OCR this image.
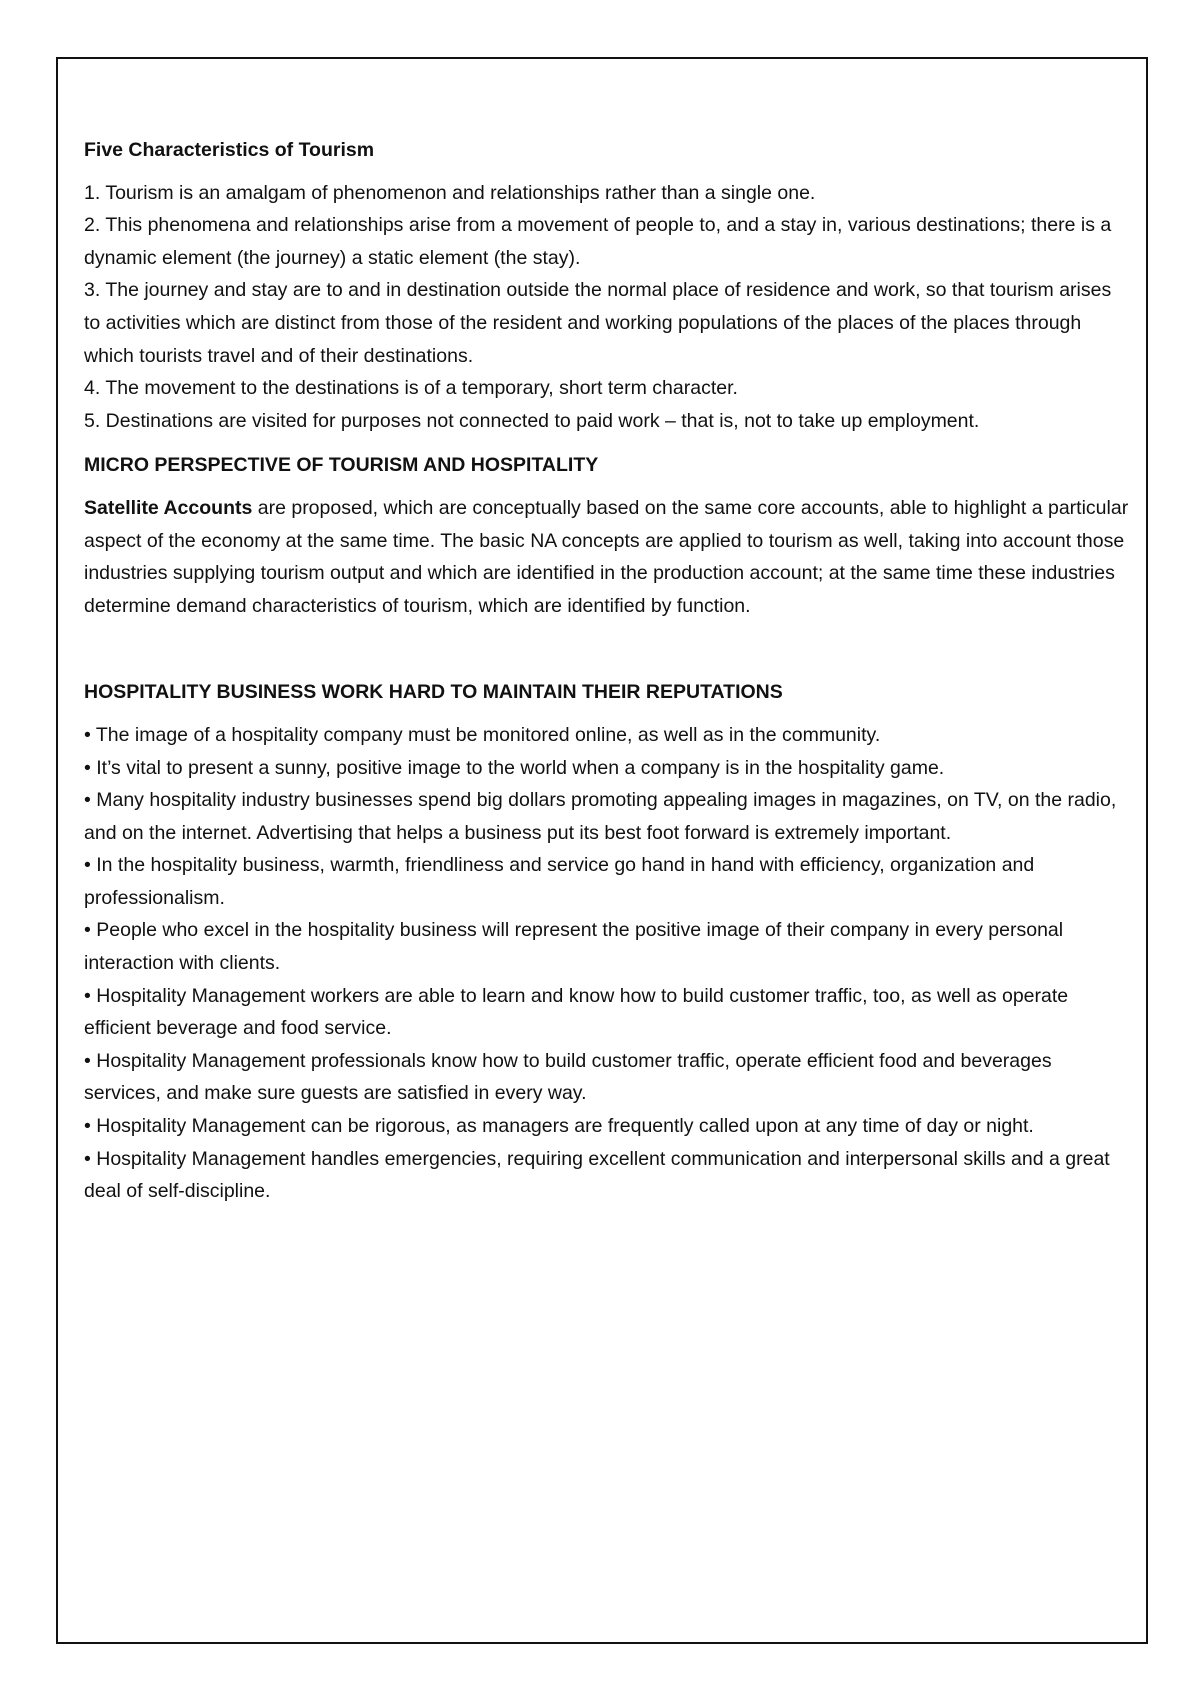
Five Characteristics of Tourism
1. Tourism is an amalgam of phenomenon and relationships rather than a single one.
2. This phenomena and relationships arise from a movement of people to, and a stay in, various destinations; there is a dynamic element (the journey) a static element (the stay).
3. The journey and stay are to and in destination outside the normal place of residence and work, so that tourism arises to activities which are distinct from those of the resident and working populations of the places of the places through which tourists travel and of their destinations.
4. The movement to the destinations is of a temporary, short term character.
5. Destinations are visited for purposes not connected to paid work – that is, not to take up employment.
MICRO PERSPECTIVE OF TOURISM AND HOSPITALITY
Satellite Accounts are proposed, which are conceptually based on the same core accounts, able to highlight a particular aspect of the economy at the same time. The basic NA concepts are applied to tourism as well, taking into account those industries supplying tourism output and which are identified in the production account; at the same time these industries determine demand characteristics of tourism, which are identified by function.
HOSPITALITY BUSINESS WORK HARD TO MAINTAIN THEIR REPUTATIONS
• The image of a hospitality company must be monitored online, as well as in the community.
• It’s vital to present a sunny, positive image to the world when a company is in the hospitality game.
• Many hospitality industry businesses spend big dollars promoting appealing images in magazines, on TV, on the radio, and on the internet. Advertising that helps a business put its best foot forward is extremely important.
• In the hospitality business, warmth, friendliness and service go hand in hand with efficiency, organization and professionalism.
• People who excel in the hospitality business will represent the positive image of their company in every personal interaction with clients.
• Hospitality Management workers are able to learn and know how to build customer traffic, too, as well as operate efficient beverage and food service.
• Hospitality Management professionals know how to build customer traffic, operate efficient food and beverages services, and make sure guests are satisfied in every way.
• Hospitality Management can be rigorous, as managers are frequently called upon at any time of day or night.
• Hospitality Management handles emergencies, requiring excellent communication and interpersonal skills and a great deal of self-discipline.
